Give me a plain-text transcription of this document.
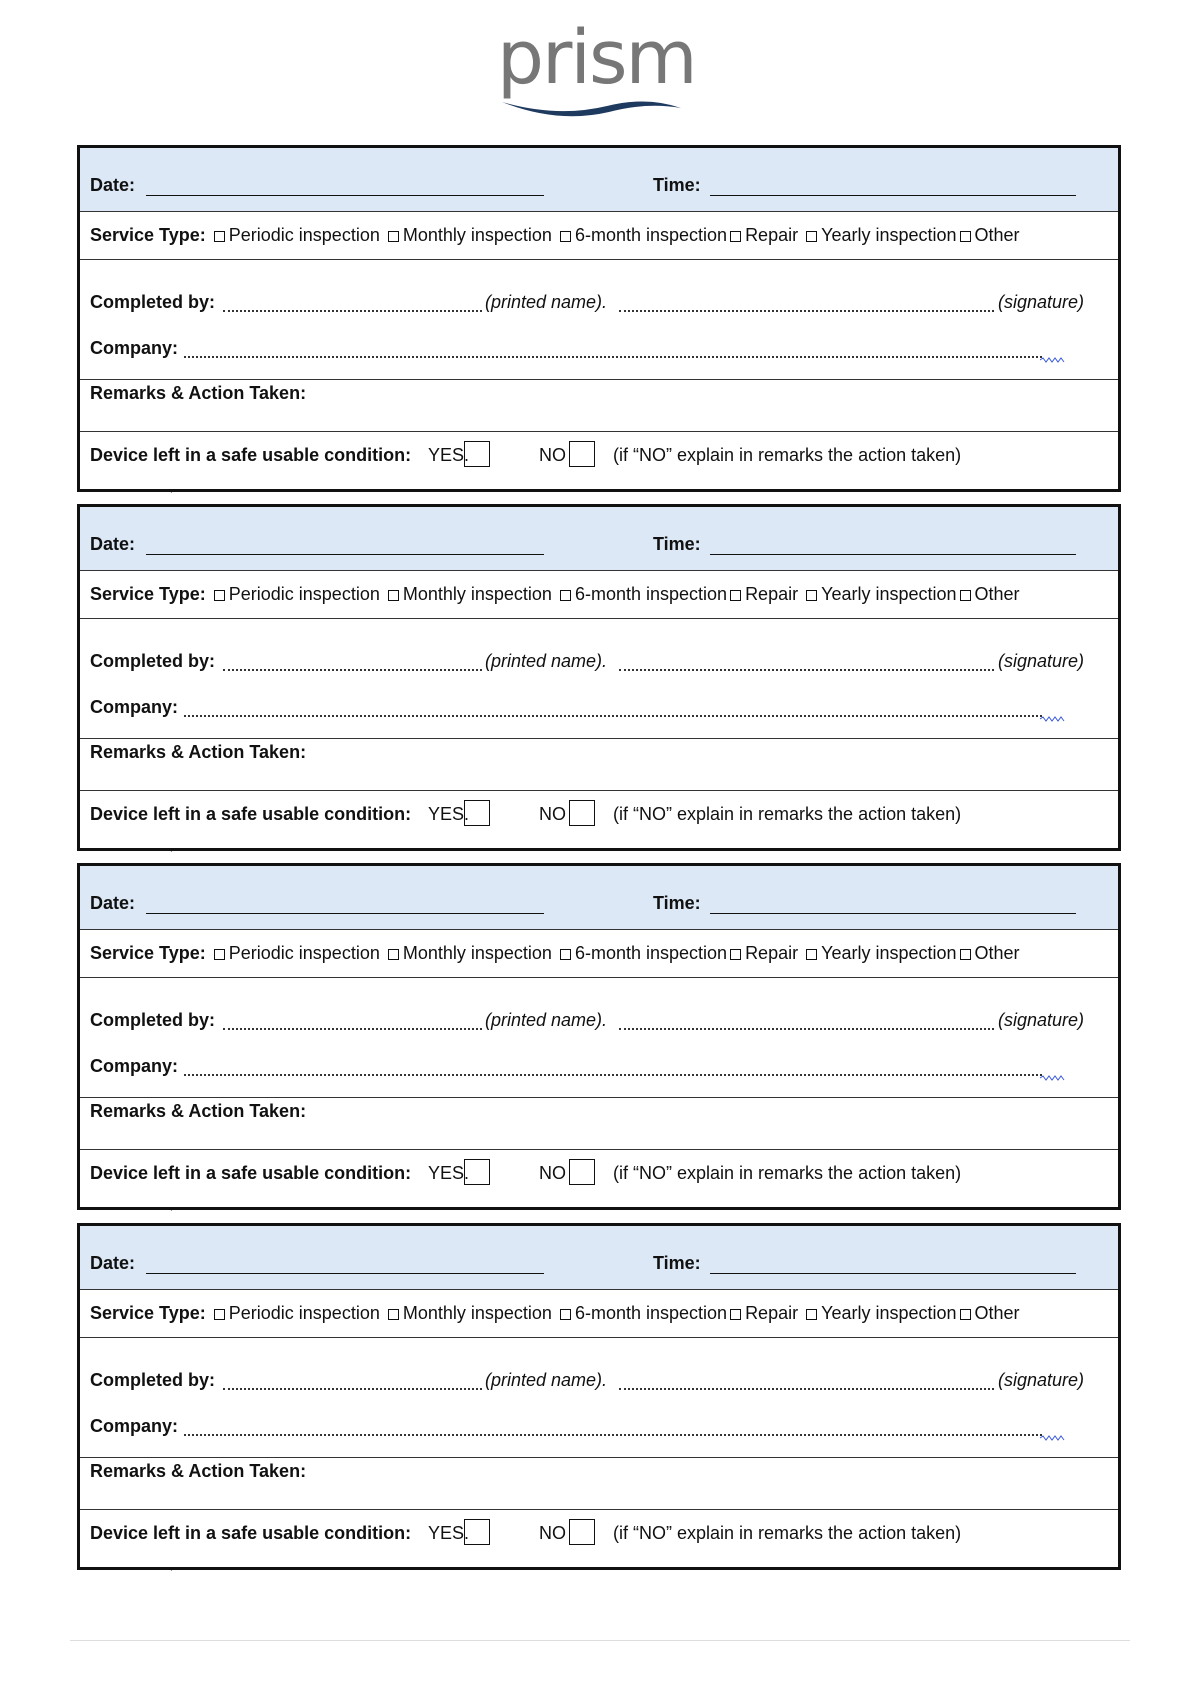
prism
Date:	Time:
Service Type: Periodic inspection Monthly inspection 6-month inspection Repair Yearly inspection Other
Completed by:	(printed name).	(signature)
Company:
Remarks & Action Taken:
Device left in a safe usable condition: YES.	NO	(if “NO” explain in remarks the action taken)
·
Date:	Time:
Service Type: Periodic inspection Monthly inspection 6-month inspection Repair Yearly inspection Other
Completed by:	(printed name).	(signature)
Company:
Remarks & Action Taken:
Device left in a safe usable condition: YES.	NO	(if “NO” explain in remarks the action taken)
·
Date:	Time:
Service Type: Periodic inspection Monthly inspection 6-month inspection Repair Yearly inspection Other
Completed by:	(printed name).	(signature)
Company:
Remarks & Action Taken:
Device left in a safe usable condition: YES.	NO	(if “NO” explain in remarks the action taken)
·
Date:	Time:
Service Type: Periodic inspection Monthly inspection 6-month inspection Repair Yearly inspection Other
Completed by:	(printed name).	(signature)
Company:
Remarks & Action Taken:
Device left in a safe usable condition: YES.	NO	(if “NO” explain in remarks the action taken)
·
